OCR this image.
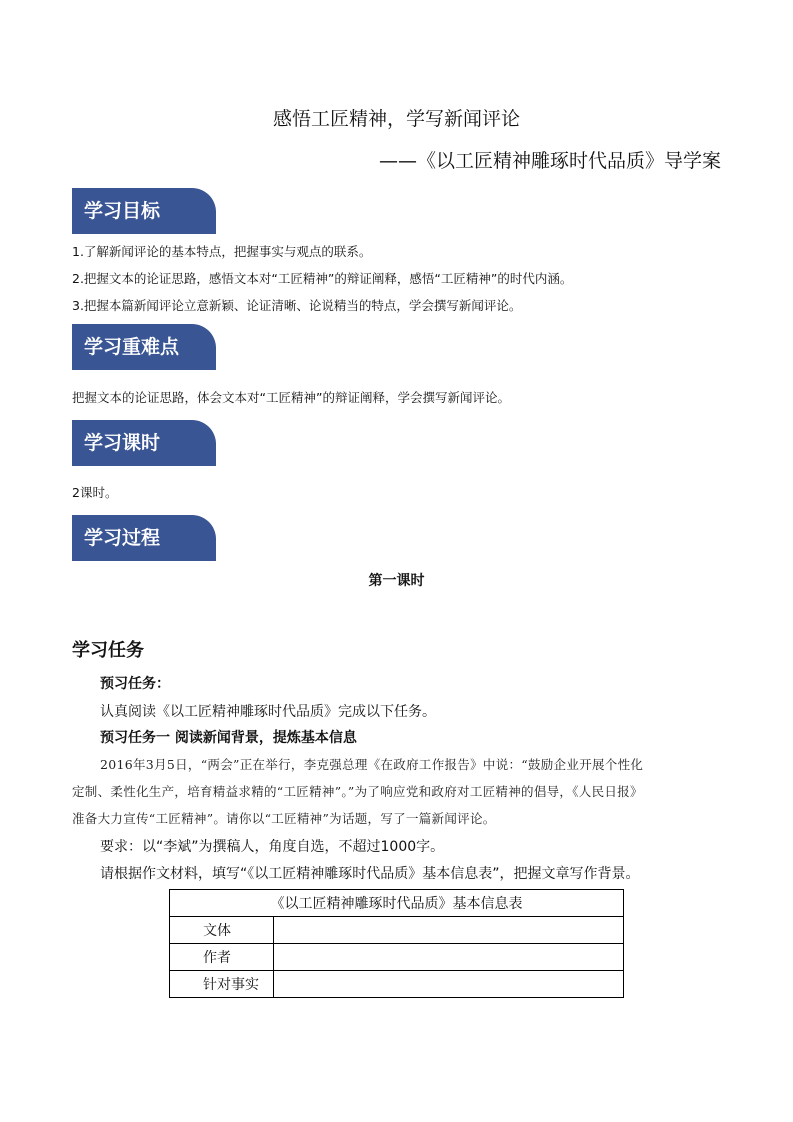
感悟工匠精神，学写新闻评论
——《以工匠精神雕琢时代品质》导学案
学习目标
1.了解新闻评论的基本特点，把握事实与观点的联系。
2.把握文本的论证思路，感悟文本对“工匠精神”的辩证阐释，感悟“工匠精神”的时代内涵。
3.把握本篇新闻评论立意新颖、论证清晰、论说精当的特点，学会撰写新闻评论。
学习重难点
把握文本的论证思路，体会文本对“工匠精神”的辩证阐释，学会撰写新闻评论。
学习课时
2课时。
学习过程
第一课时
学习任务
预习任务：
认真阅读《以工匠精神雕琢时代品质》完成以下任务。
预习任务一 阅读新闻背景，提炼基本信息
2016年3月5日，“两会”正在举行，李克强总理《在政府工作报告》中说：“鼓励企业开展个性化
定制、柔性化生产，培育精益求精的“工匠精神”。”为了响应党和政府对工匠精神的倡导，《人民日报》
准备大力宣传“工匠精神”。请你以“工匠精神”为话题，写了一篇新闻评论。
要求：以“李斌”为撰稿人，角度自选，不超过1000字。
请根据作文材料，填写“《以工匠精神雕琢时代品质》基本信息表”，把握文章写作背景。
《以工匠精神雕琢时代品质》基本信息表	
文体	
作者	
针对事实	
